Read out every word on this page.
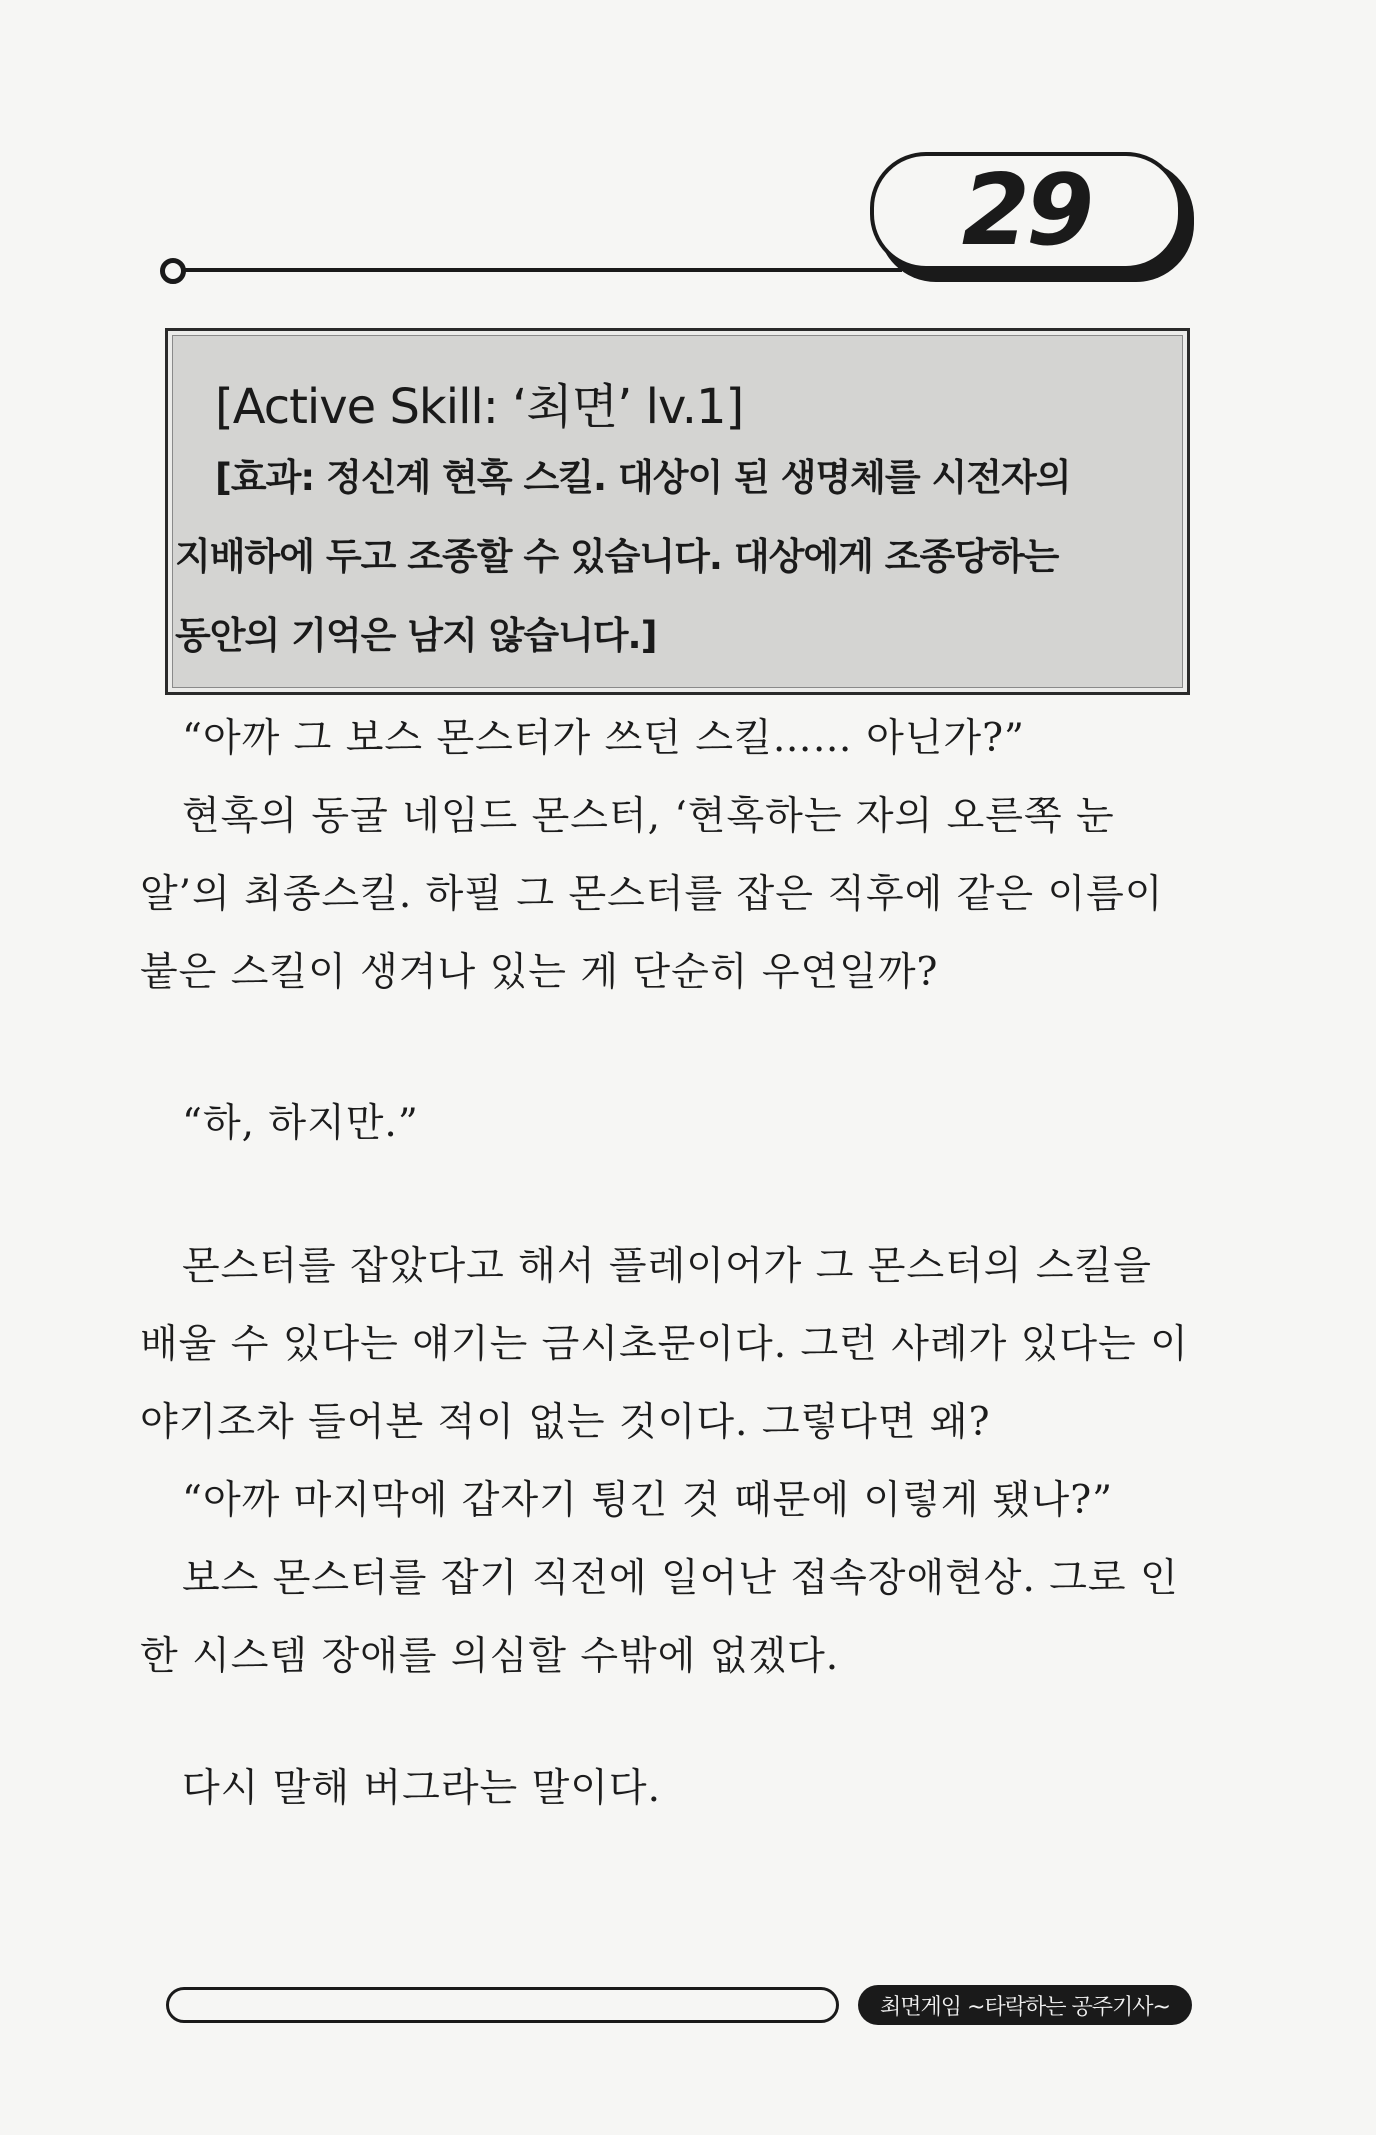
29
[Active Skill: ‘최면’ lv.1]
[효과: 정신계 현혹 스킬. 대상이 된 생명체를 시전자의
지배하에 두고 조종할 수 있습니다. 대상에게 조종당하는
동안의 기억은 남지 않습니다.]
“아까 그 보스 몬스터가 쓰던 스킬…… 아닌가?”
현혹의 동굴 네임드 몬스터, ‘현혹하는 자의 오른쪽 눈
알’의 최종스킬. 하필 그 몬스터를 잡은 직후에 같은 이름이
붙은 스킬이 생겨나 있는 게 단순히 우연일까?
“하, 하지만.”
몬스터를 잡았다고 해서 플레이어가 그 몬스터의 스킬을
배울 수 있다는 얘기는 금시초문이다. 그런 사례가 있다는 이
야기조차 들어본 적이 없는 것이다. 그렇다면 왜?
“아까 마지막에 갑자기 튕긴 것 때문에 이렇게 됐나?”
보스 몬스터를 잡기 직전에 일어난 접속장애현상. 그로 인
한 시스템 장애를 의심할 수밖에 없겠다.
다시 말해 버그라는 말이다.
최면게임 ~타락하는 공주기사~
